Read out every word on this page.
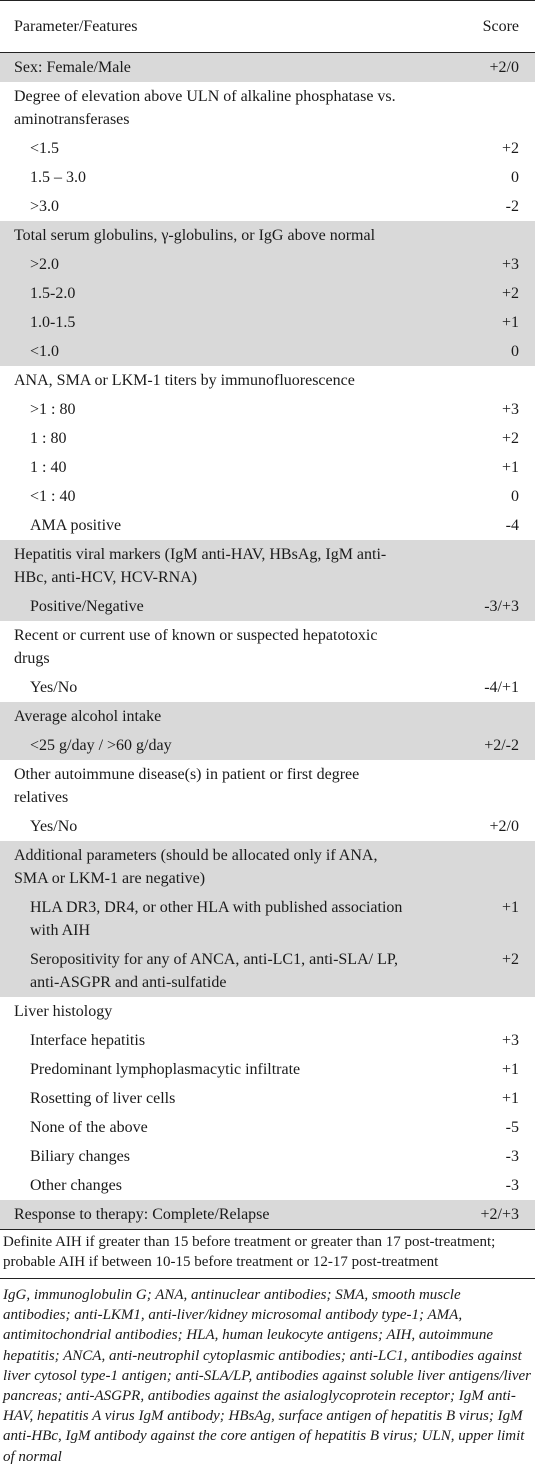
Parameter/Features	Score
Sex: Female/Male	+2/0
Degree of elevation above ULN of alkaline phosphatase vs. aminotransferases	
<1.5	+2
1.5 – 3.0	0
>3.0	-2
Total serum globulins, γ-globulins, or IgG above normal	
>2.0	+3
1.5-2.0	+2
1.0-1.5	+1
<1.0	0
ANA, SMA or LKM-1 titers by immunofluorescence	
>1 : 80	+3
1 : 80	+2
1 : 40	+1
<1 : 40	0
AMA positive	-4
Hepatitis viral markers (IgM anti-HAV, HBsAg, IgM anti-HBc, anti-HCV, HCV-RNA)	
Positive/Negative	-3/+3
Recent or current use of known or suspected hepatotoxic drugs	
Yes/No	-4/+1
Average alcohol intake	
<25 g/day / >60 g/day	+2/-2
Other autoimmune disease(s) in patient or first degree relatives	
Yes/No	+2/0
Additional parameters (should be allocated only if ANA, SMA or LKM-1 are negative)	
HLA DR3, DR4, or other HLA with published association with AIH	+1
Seropositivity for any of ANCA, anti-LC1, anti-SLA/ LP, anti-ASGPR and anti-sulfatide	+2
Liver histology	
Interface hepatitis	+3
Predominant lymphoplasmacytic infiltrate	+1
Rosetting of liver cells	+1
None of the above	-5
Biliary changes	-3
Other changes	-3
Response to therapy: Complete/Relapse	+2/+3
Definite AIH if greater than 15 before treatment or greater than 17 post-treatment; probable AIH if between 10-15 before treatment or 12-17 post-treatment
IgG, immunoglobulin G; ANA, antinuclear antibodies; SMA, smooth muscle antibodies; anti-LKM1, anti-liver/kidney microsomal antibody type-1; AMA, antimitochondrial antibodies; HLA, human leukocyte antigens; AIH, autoimmune hepatitis; ANCA, anti-neutrophil cytoplasmic antibodies; anti-LC1, antibodies against liver cytosol type-1 antigen; anti-SLA/LP, antibodies against soluble liver antigens/liver pancreas; anti-ASGPR, antibodies against the asialoglycoprotein receptor; IgM anti-HAV, hepatitis A virus IgM antibody; HBsAg, surface antigen of hepatitis B virus; IgM anti-HBc, IgM antibody against the core antigen of hepatitis B virus; ULN, upper limit of normal
